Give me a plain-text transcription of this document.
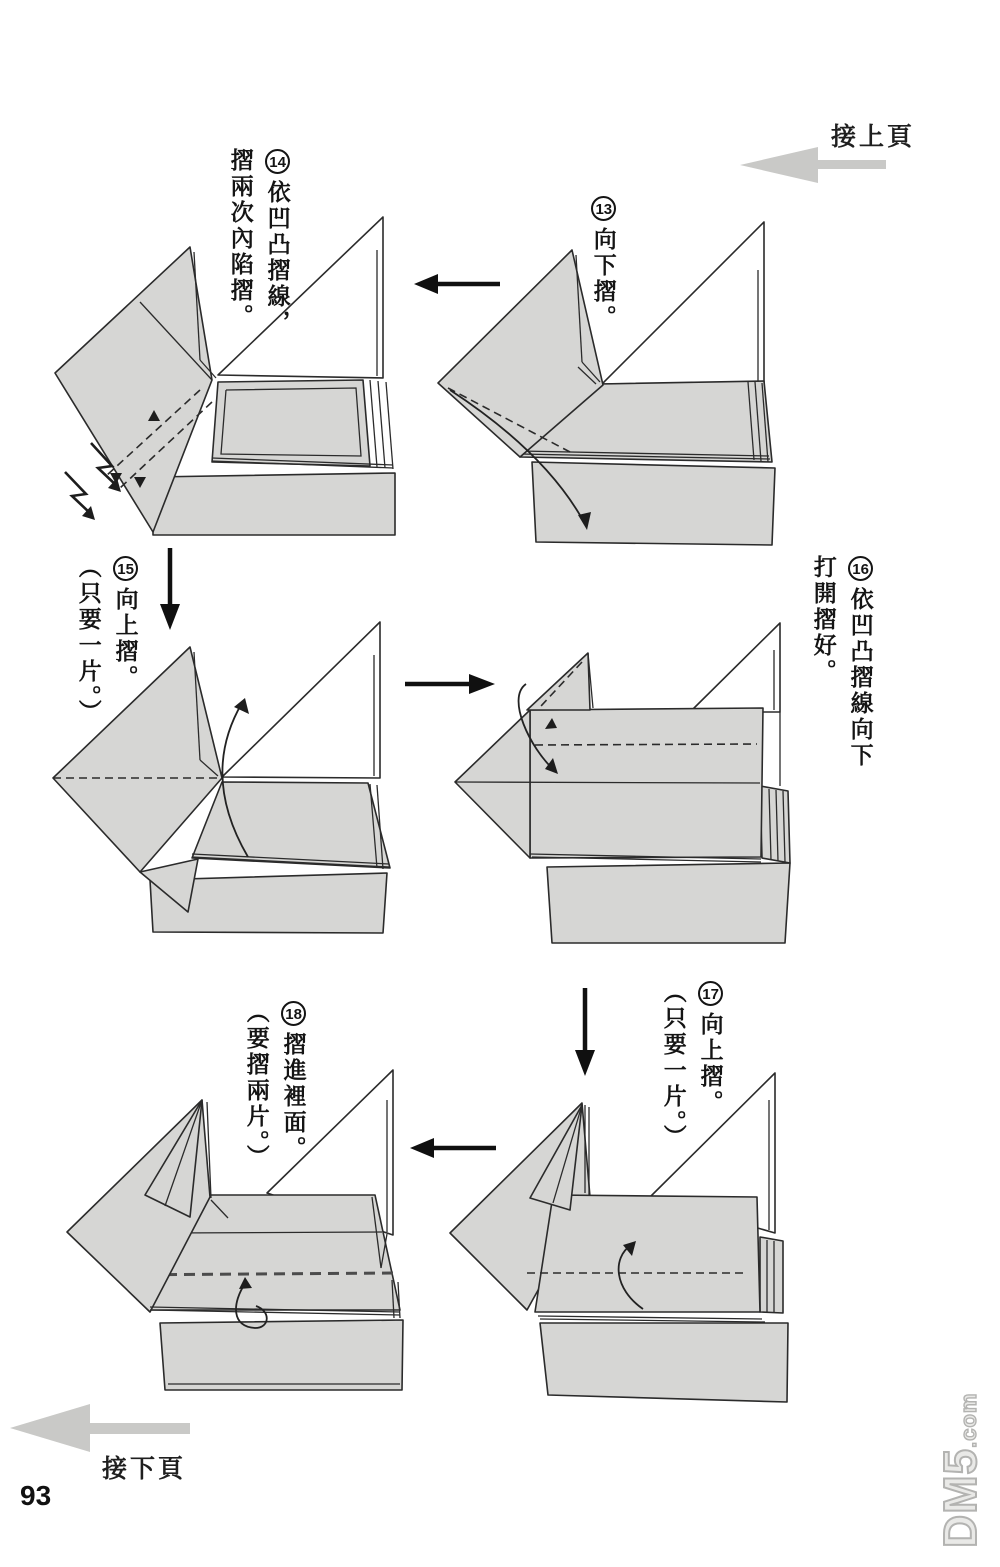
接上頁
13向下摺。
14依凹凸摺線，
摺兩次內陷摺。
15向上摺。
（只要一片。）	16依凹凸摺線向下
打開摺好。
17向上摺。
（只要一片。）
18摺進裡面。
（要摺兩片。）
接下頁
93	DM5.com
